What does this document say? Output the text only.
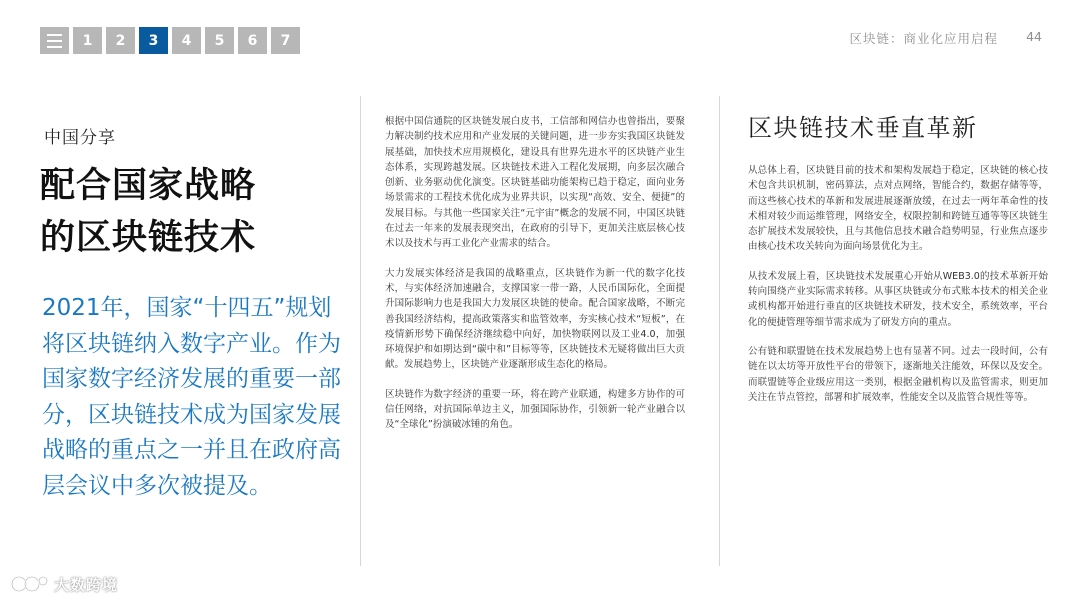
1	2	3	4	5	6	7	区块链：商业化应用启程 44
中国分享
配合国家战略
的区块链技术
2021年，国家“十四五”规划将区块链纳入数字产业。作为国家数字经济发展的重要一部分，区块链技术成为国家发展战略的重点之一并且在政府高层会议中多次被提及。

根据中国信通院的区块链发展白皮书，工信部和网信办也曾指出，要聚力解决制约技术应用和产业发展的关键问题，进一步夯实我国区块链发展基础，加快技术应用规模化，建设具有世界先进水平的区块链产业生态体系，实现跨越发展。区块链技术进入工程化发展期，向多层次融合创新、业务驱动优化演变。区块链基础功能架构已趋于稳定，面向业务场景需求的工程技术优化成为业界共识，以实现“高效、安全、便捷”的发展目标。与其他一些国家关注“元宇宙”概念的发展不同，中国区块链在过去一年来的发展表现突出，在政府的引导下，更加关注底层核心技术以及技术与再工业化产业需求的结合。

大力发展实体经济是我国的战略重点，区块链作为新一代的数字化技术，与实体经济加速融合，支撑国家一带一路，人民币国际化，全面提升国际影响力也是我国大力发展区块链的使命。配合国家战略，不断完善我国经济结构，提高政策落实和监管效率，夯实核心技术“短板”，在疫情新形势下确保经济继续稳中向好，加快物联网以及工业4.0，加强环境保护和如期达到“碳中和”目标等等，区块链技术无疑将做出巨大贡献。发展趋势上，区块链产业逐渐形成生态化的格局。

区块链作为数字经济的重要一环，将在跨产业联通，构建多方协作的可信任网络，对抗国际单边主义，加强国际协作，引领新一轮产业融合以及“全球化”扮演破冰锤的角色。

区块链技术垂直革新

从总体上看，区块链目前的技术和架构发展趋于稳定，区块链的核心技术包含共识机制，密码算法，点对点网络，智能合约，数据存储等等，而这些核心技术的革新和发展进展逐渐放缓，在过去一两年革命性的技术相对较少而运维管理，网络安全，权限控制和跨链互通等等区块链生态扩展技术发展较快，且与其他信息技术融合趋势明显，行业焦点逐步由核心技术攻关转向为面向场景优化为主。

从技术发展上看，区块链技术发展重心开始从WEB3.0的技术革新开始转向围绕产业实际需求转移。从事区块链或分布式账本技术的相关企业或机构都开始进行垂直的区块链技术研发，技术安全，系统效率，平台化的便捷管理等细节需求成为了研发方向的重点。

公有链和联盟链在技术发展趋势上也有显著不同。过去一段时间，公有链在以太坊等开放性平台的带领下，逐渐地关注能效，环保以及安全。而联盟链等企业级应用这一类别，根据金融机构以及监管需求，则更加关注在节点管控，部署和扩展效率，性能安全以及监管合规性等等。

大数跨境
